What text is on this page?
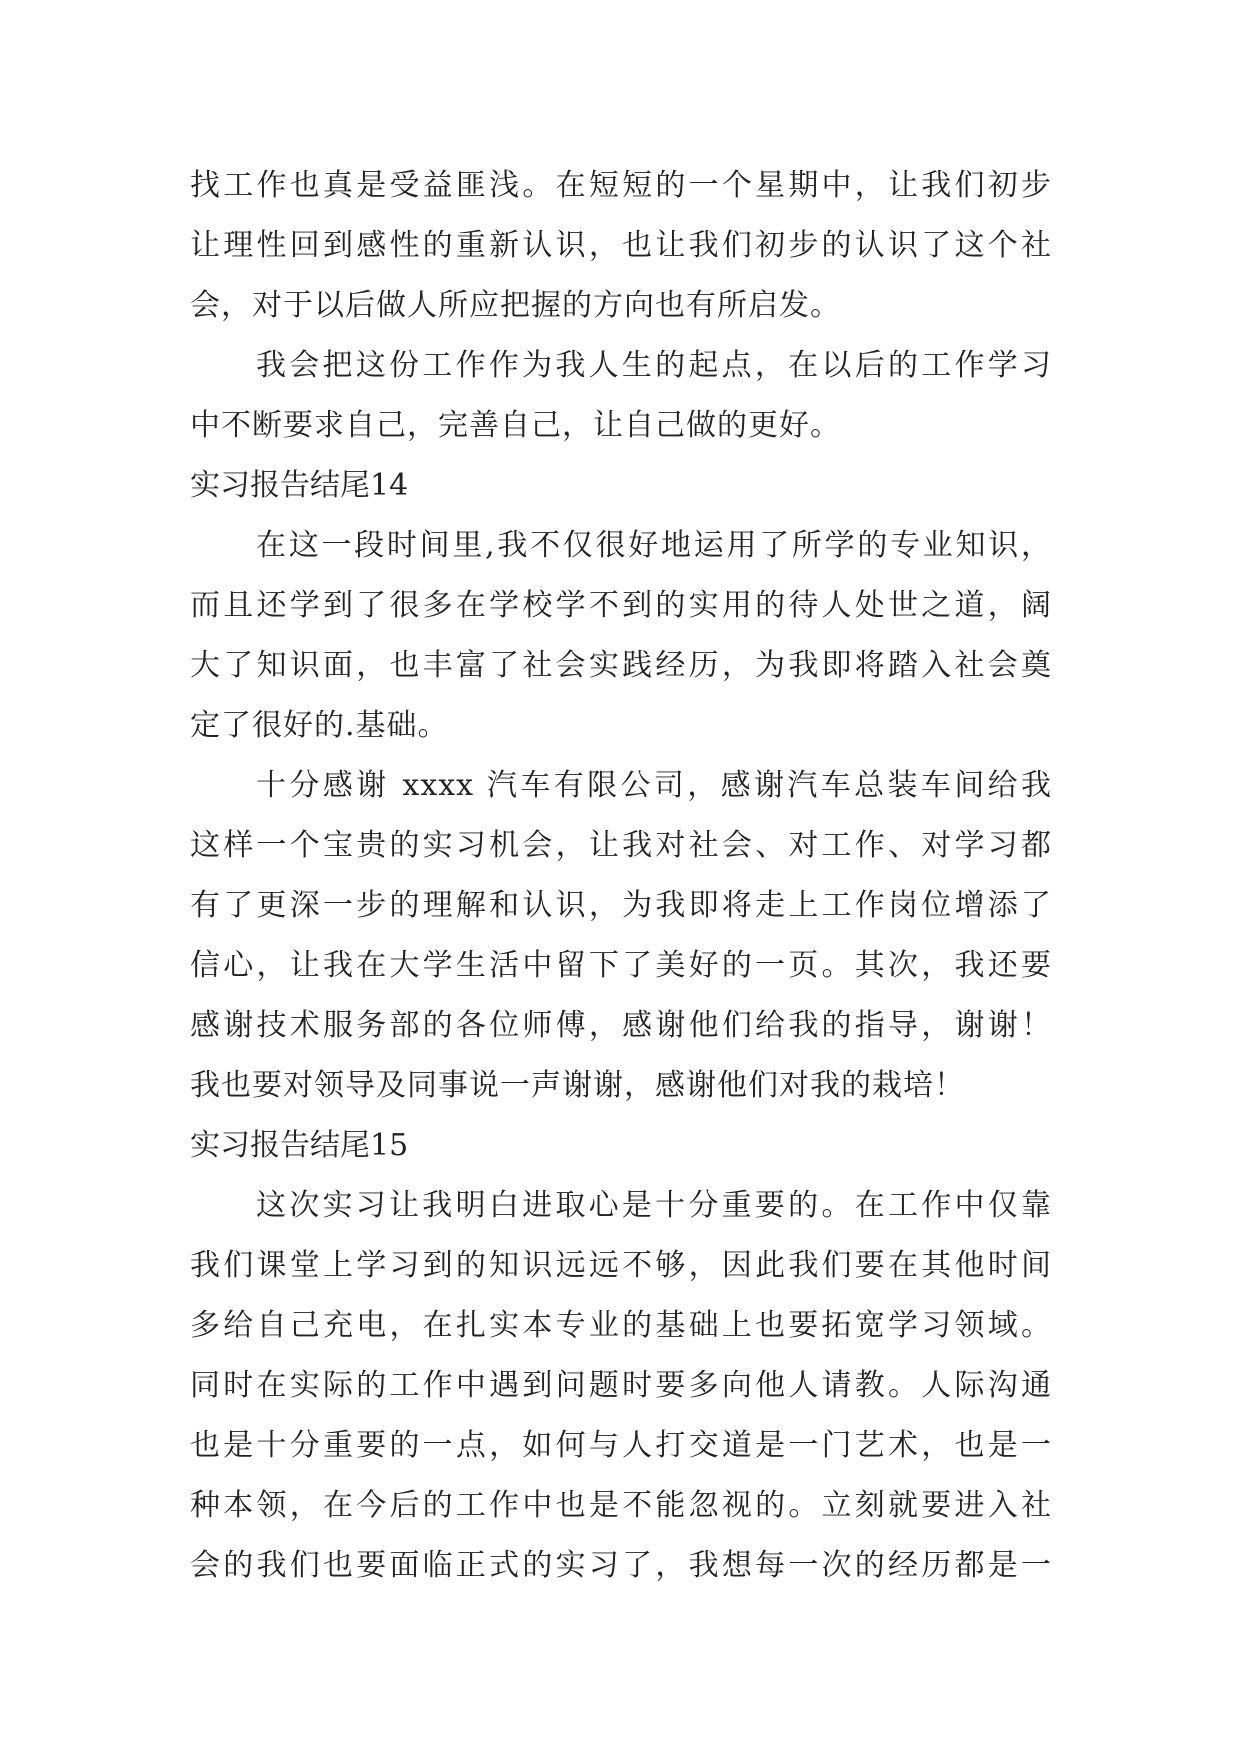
找工作也真是受益匪浅。在短短的一个星期中，让我们初步
让理性回到感性的重新认识，也让我们初步的认识了这个社
会，对于以后做人所应把握的方向也有所启发。
我会把这份工作作为我人生的起点，在以后的工作学习
中不断要求自己，完善自己，让自己做的更好。
实习报告结尾14
在这一段时间里,我不仅很好地运用了所学的专业知识，
而且还学到了很多在学校学不到的实用的待人处世之道，阔
大了知识面，也丰富了社会实践经历，为我即将踏入社会奠
定了很好的.基础。
十分感谢 xxxx 汽车有限公司，感谢汽车总装车间给我
这样一个宝贵的实习机会，让我对社会、对工作、对学习都
有了更深一步的理解和认识，为我即将走上工作岗位增添了
信心，让我在大学生活中留下了美好的一页。其次，我还要
感谢技术服务部的各位师傅，感谢他们给我的指导，谢谢！
我也要对领导及同事说一声谢谢，感谢他们对我的栽培！
实习报告结尾15
这次实习让我明白进取心是十分重要的。在工作中仅靠
我们课堂上学习到的知识远远不够，因此我们要在其他时间
多给自己充电，在扎实本专业的基础上也要拓宽学习领域。
同时在实际的工作中遇到问题时要多向他人请教。人际沟通
也是十分重要的一点，如何与人打交道是一门艺术，也是一
种本领，在今后的工作中也是不能忽视的。立刻就要进入社
会的我们也要面临正式的实习了，我想每一次的经历都是一
